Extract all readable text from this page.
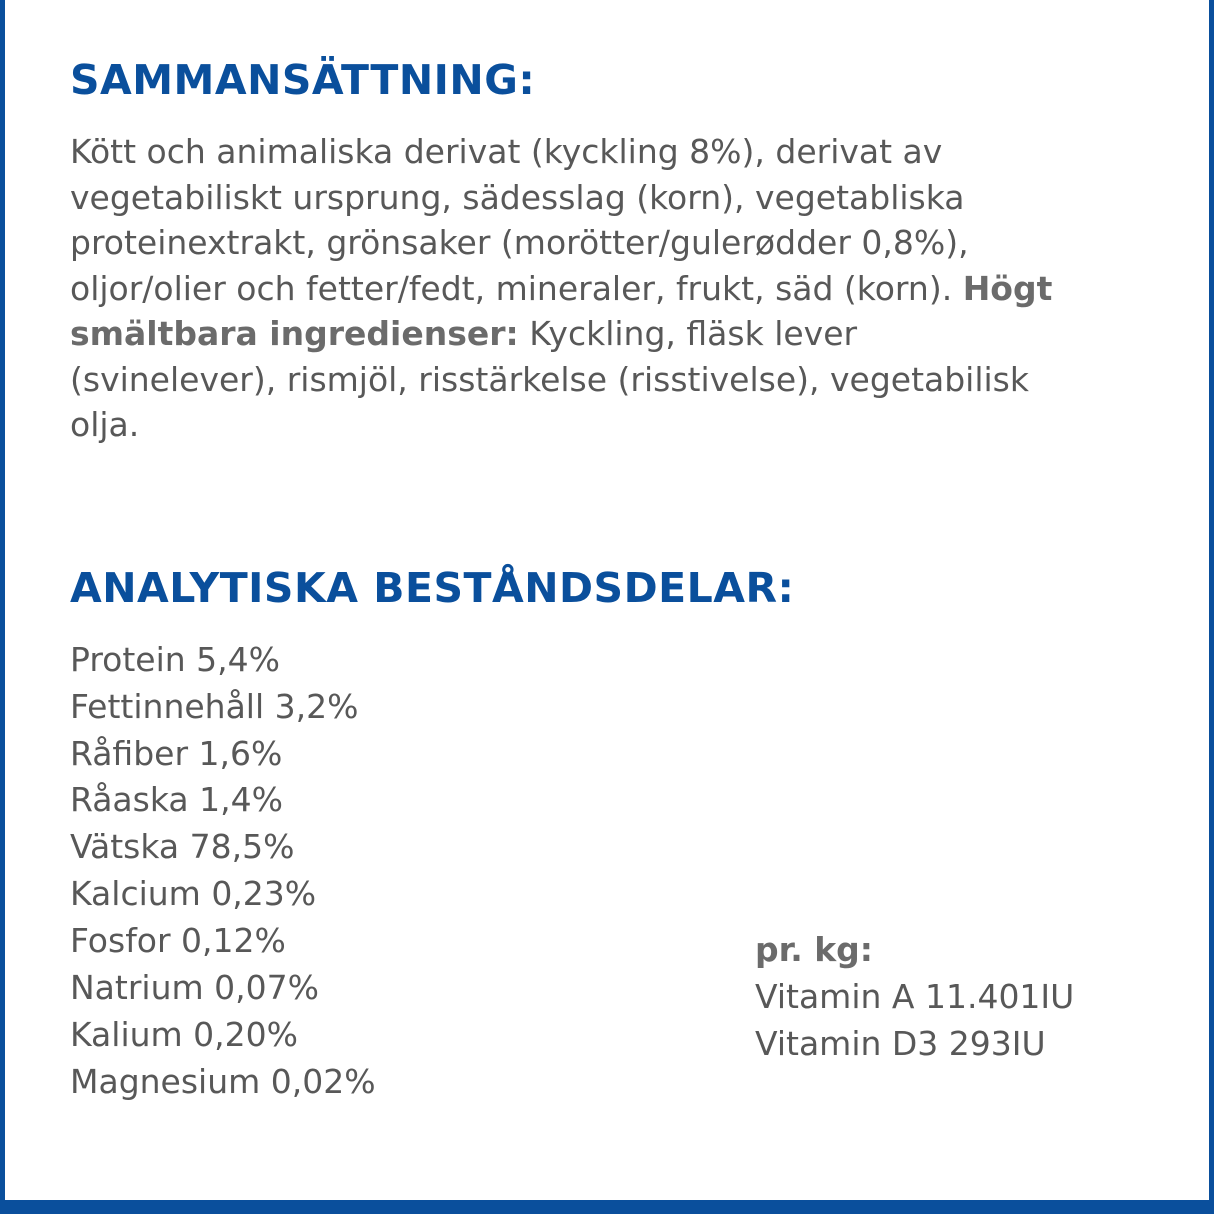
SAMMANSÄTTNING:

Kött och animaliska derivat (kyckling 8%), derivat av vegetabiliskt ursprung, sädesslag (korn), vegetabliska proteinextrakt, grönsaker (morötter/gulerødder 0,8%), oljor/olier och fetter/fedt, mineraler, frukt, säd (korn). Högt smältbara ingredienser: Kyckling, fläsk lever (svinelever), rismjöl, risstärkelse (risstivelse), vegetabilisk olja.

ANALYTISKA BESTÅNDSDELAR:
Protein 5,4%
Fettinnehåll 3,2%
Råfiber 1,6%
Råaska 1,4%
Vätska 78,5%
Kalcium 0,23%
Fosfor 0,12%
Natrium 0,07%
Kalium 0,20%
Magnesium 0,02%
pr. kg:
Vitamin A 11.401IU
Vitamin D3 293IU
